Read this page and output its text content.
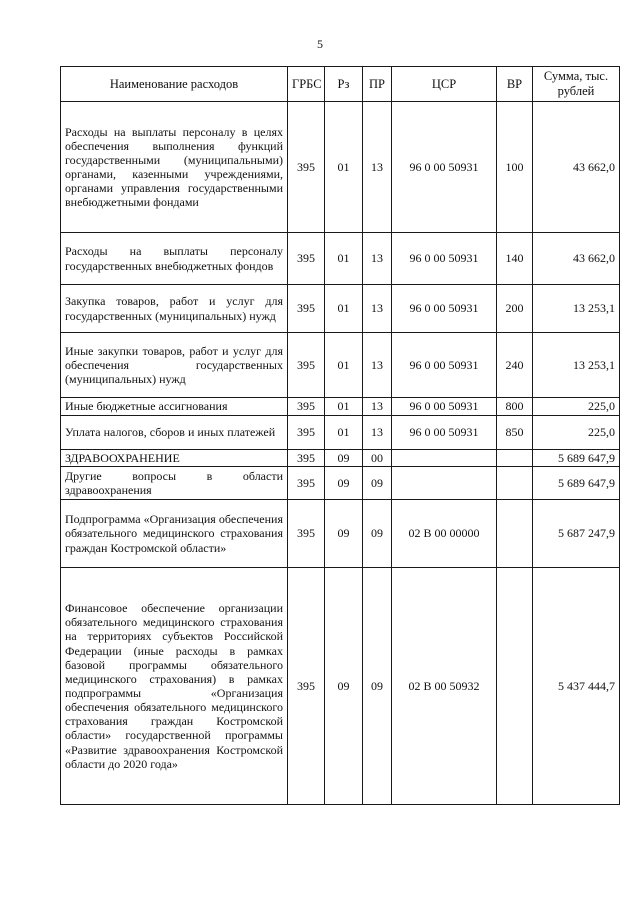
5
Наименование расходов	ГРБС	Рз	ПР	ЦСР	ВР	Сумма, тыс. рублей
Расходы на выплаты персоналу в целях обеспечения выполнения функций государственными (муниципальными) органами, казенными учреждениями, органами управления государственными внебюджетными фондами	395	01	13	96 0 00 50931	100	43 662,0
Расходы на выплаты персоналу государственных внебюджетных фондов	395	01	13	96 0 00 50931	140	43 662,0
Закупка товаров, работ и услуг для государственных (муниципальных) нужд	395	01	13	96 0 00 50931	200	13 253,1
Иные закупки товаров, работ и услуг для обеспечения государственных (муниципальных) нужд	395	01	13	96 0 00 50931	240	13 253,1
Иные бюджетные ассигнования	395	01	13	96 0 00 50931	800	225,0
Уплата налогов, сборов и иных платежей	395	01	13	96 0 00 50931	850	225,0
ЗДРАВООХРАНЕНИЕ	395	09	00			5 689 647,9
Другие вопросы в области здравоохранения	395	09	09			5 689 647,9
Подпрограмма «Организация обеспечения обязательного медицинского страхования граждан Костромской области»	395	09	09	02 В 00 00000		5 687 247,9
Финансовое обеспечение организации обязательного медицинского страхования на территориях субъектов Российской Федерации (иные расходы в рамках базовой программы обязательного медицинского страхования) в рамках подпрограммы «Организация обеспечения обязательного медицинского страхования граждан Костромской области» государственной программы «Развитие здравоохранения Костромской области до 2020 года»	395	09	09	02 В 00 50932		5 437 444,7
